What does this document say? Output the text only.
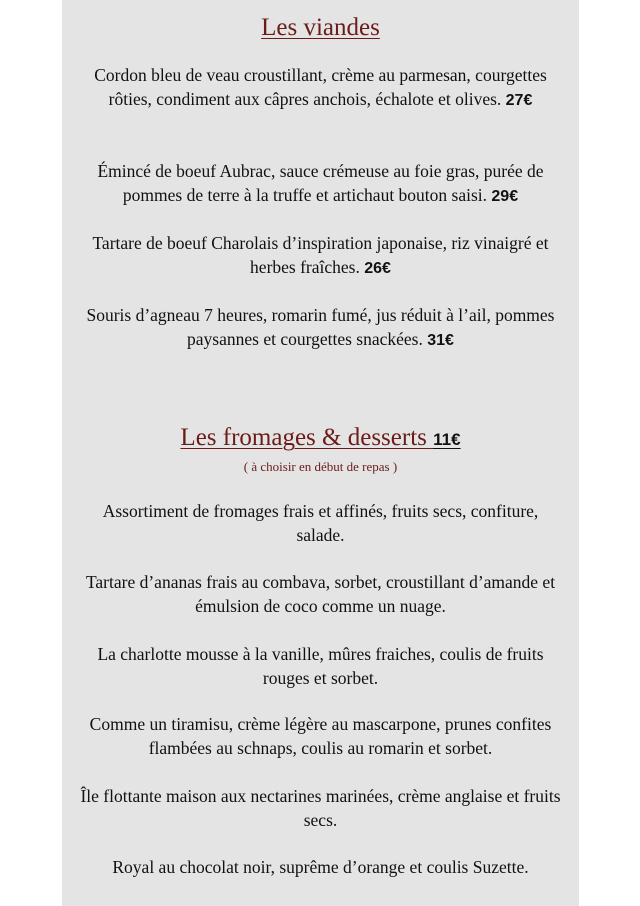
Les viandes
Cordon bleu de veau croustillant, crème au parmesan, courgettes rôties, condiment aux câpres anchois, échalote et olives. 27€
Émincé de boeuf Aubrac, sauce crémeuse au foie gras, purée de pommes de terre à la truffe et artichaut bouton saisi. 29€
Tartare de boeuf Charolais d’inspiration japonaise, riz vinaigré et herbes fraîches. 26€
Souris d’agneau 7 heures, romarin fumé, jus réduit à l’ail, pommes paysannes et courgettes snackées. 31€
Les fromages & desserts 11€
( à choisir en début de repas )
Assortiment de fromages frais et affinés, fruits secs, confiture, salade.
Tartare d’ananas frais au combava, sorbet, croustillant d’amande et émulsion de coco comme un nuage.
La charlotte mousse à la vanille, mûres fraiches, coulis de fruits rouges et sorbet.
Comme un tiramisu, crème légère au mascarpone, prunes confites flambées au schnaps, coulis au romarin et sorbet.
Île flottante maison aux nectarines marinées, crème anglaise et fruits secs.
Royal au chocolat noir, suprême d’orange et coulis Suzette.
